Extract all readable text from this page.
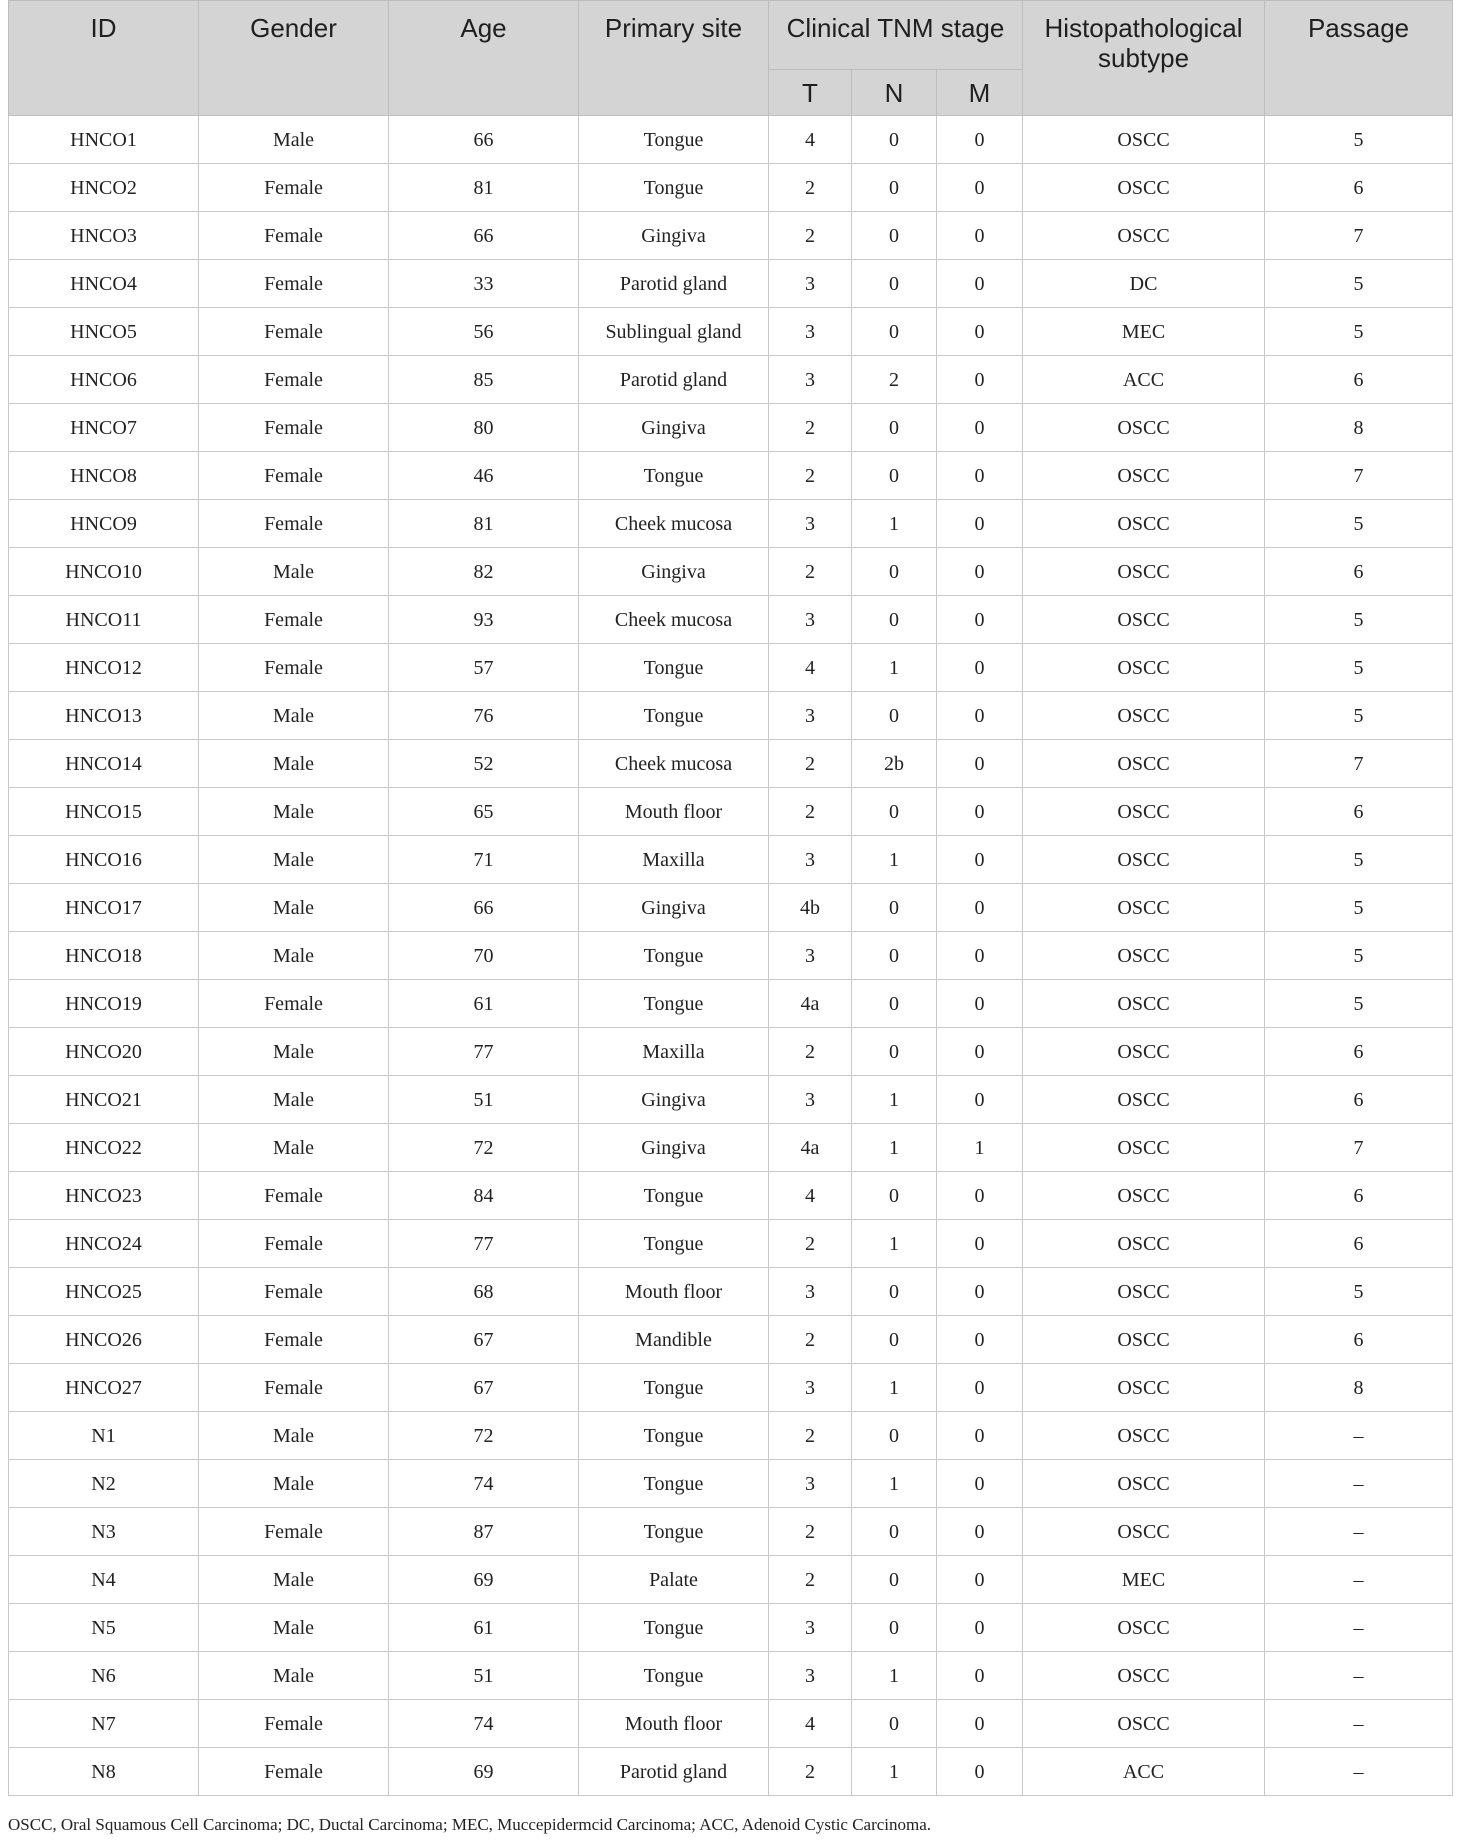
ID	Gender	Age	Primary site	Clinical TNM stage			Histopathological subtype	Passage
				T	N	M		
HNCO1	Male	66	Tongue	4	0	0	OSCC	5
HNCO2	Female	81	Tongue	2	0	0	OSCC	6
HNCO3	Female	66	Gingiva	2	0	0	OSCC	7
HNCO4	Female	33	Parotid gland	3	0	0	DC	5
HNCO5	Female	56	Sublingual gland	3	0	0	MEC	5
HNCO6	Female	85	Parotid gland	3	2	0	ACC	6
HNCO7	Female	80	Gingiva	2	0	0	OSCC	8
HNCO8	Female	46	Tongue	2	0	0	OSCC	7
HNCO9	Female	81	Cheek mucosa	3	1	0	OSCC	5
HNCO10	Male	82	Gingiva	2	0	0	OSCC	6
HNCO11	Female	93	Cheek mucosa	3	0	0	OSCC	5
HNCO12	Female	57	Tongue	4	1	0	OSCC	5
HNCO13	Male	76	Tongue	3	0	0	OSCC	5
HNCO14	Male	52	Cheek mucosa	2	2b	0	OSCC	7
HNCO15	Male	65	Mouth floor	2	0	0	OSCC	6
HNCO16	Male	71	Maxilla	3	1	0	OSCC	5
HNCO17	Male	66	Gingiva	4b	0	0	OSCC	5
HNCO18	Male	70	Tongue	3	0	0	OSCC	5
HNCO19	Female	61	Tongue	4a	0	0	OSCC	5
HNCO20	Male	77	Maxilla	2	0	0	OSCC	6
HNCO21	Male	51	Gingiva	3	1	0	OSCC	6
HNCO22	Male	72	Gingiva	4a	1	1	OSCC	7
HNCO23	Female	84	Tongue	4	0	0	OSCC	6
HNCO24	Female	77	Tongue	2	1	0	OSCC	6
HNCO25	Female	68	Mouth floor	3	0	0	OSCC	5
HNCO26	Female	67	Mandible	2	0	0	OSCC	6
HNCO27	Female	67	Tongue	3	1	0	OSCC	8
N1	Male	72	Tongue	2	0	0	OSCC	–
N2	Male	74	Tongue	3	1	0	OSCC	–
N3	Female	87	Tongue	2	0	0	OSCC	–
N4	Male	69	Palate	2	0	0	MEC	–
N5	Male	61	Tongue	3	0	0	OSCC	–
N6	Male	51	Tongue	3	1	0	OSCC	–
N7	Female	74	Mouth floor	4	0	0	OSCC	–
N8	Female	69	Parotid gland	2	1	0	ACC	–
OSCC, Oral Squamous Cell Carcinoma; DC, Ductal Carcinoma; MEC, Muccepidermcid Carcinoma; ACC, Adenoid Cystic Carcinoma.
